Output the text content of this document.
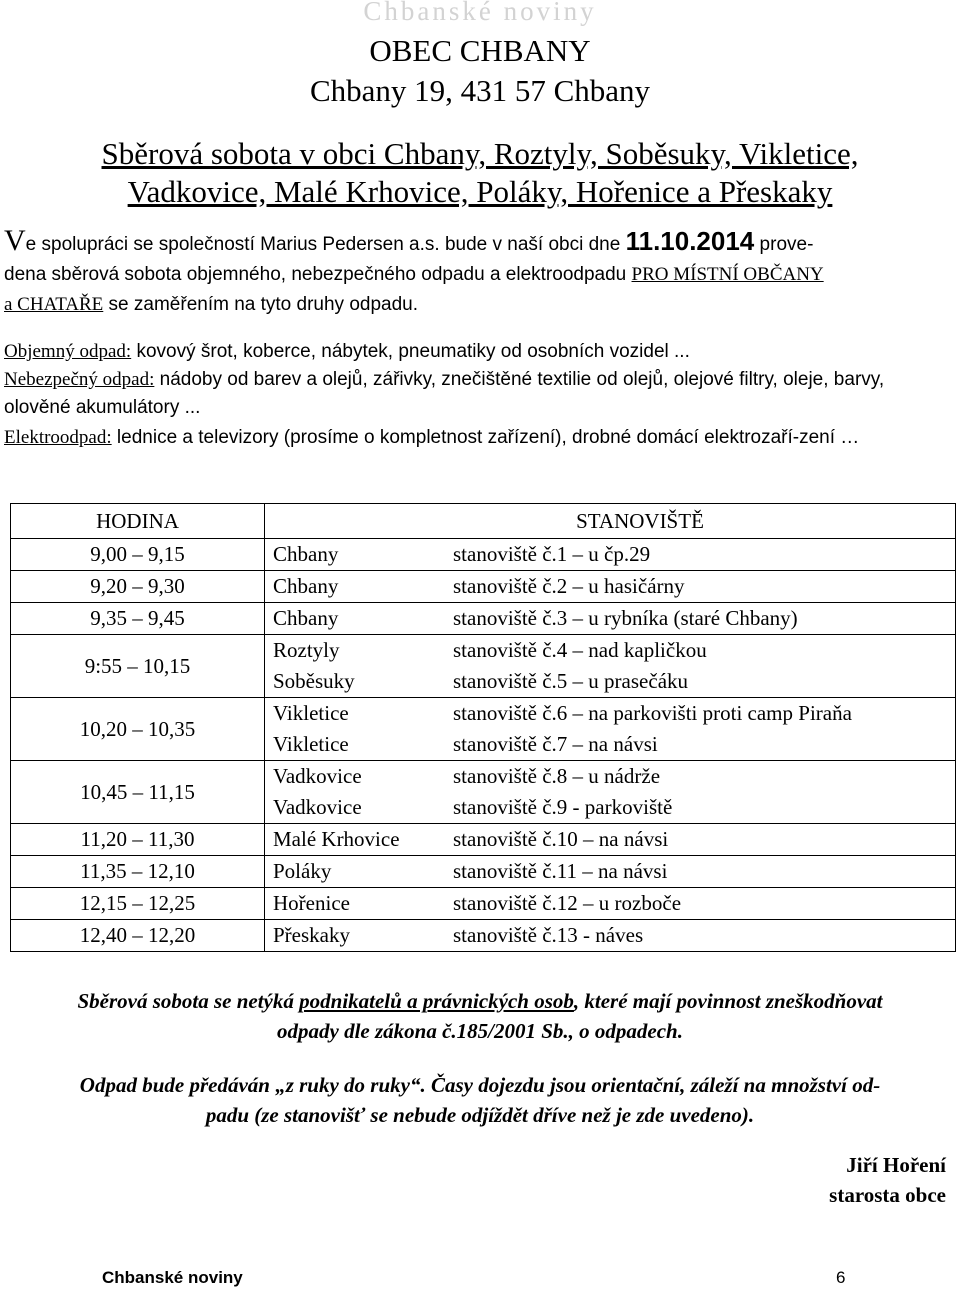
Chbanské noviny
OBEC CHBANY
Chbany 19, 431 57 Chbany
Sběrová sobota v obci Chbany, Roztyly, Soběsuky, Vikletice,
Vadkovice, Malé Krhovice, Poláky, Hořenice a Přeskaky
Ve spolupráci se společností Marius Pedersen a.s. bude v naší obci dne 11.10.2014 prove-
dena sběrová sobota objemného, nebezpečného odpadu a elektroodpadu PRO MÍSTNÍ OBČANY
a CHATAŘE se zaměřením na tyto druhy odpadu.
Objemný odpad: kovový šrot, koberce, nábytek, pneumatiky od osobních vozidel ...
Nebezpečný odpad: nádoby od barev a olejů, zářivky, znečištěné textilie od olejů, olejové filtry, oleje, barvy, olověné akumulátory ...
Elektroodpad: lednice a televizory (prosíme o kompletnost zařízení), drobné domácí elektrozaří-zení …
HODINA	STANOVIŠTĚ
9,00 – 9,15	Chbany stanoviště č.1 – u čp.29

9,20 – 9,30	Chbany stanoviště č.2 – u hasičárny

9,35 – 9,45	Chbany stanoviště č.3 – u rybníka (staré Chbany)

9:55 – 10,15	Roztyly stanoviště č.4 – nad kapličkou
Soběsuky stanoviště č.5 – u prasečáku

10,20 – 10,35	Vikletice stanoviště č.6 – na parkovišti proti camp Piraňa
Vikletice stanoviště č.7 – na návsi

10,45 – 11,15	Vadkovice stanoviště č.8 – u nádrže
Vadkovice stanoviště č.9 - parkoviště

11,20 – 11,30	Malé Krhovice stanoviště č.10 – na návsi

11,35 – 12,10	Poláky stanoviště č.11 – na návsi

12,15 – 12,25	Hořenice stanoviště č.12 – u rozboče

12,40 – 12,20	Přeskaky stanoviště č.13 - náves
Sběrová sobota se netýká podnikatelů a právnických osob, které mají povinnost zneškodňovat
odpady dle zákona č.185/2001 Sb., o odpadech.
Odpad bude předáván „z ruky do ruky“. Časy dojezdu jsou orientační, záleží na množství od-
padu (ze stanovišť se nebude odjíždět dříve než je zde uvedeno).
Jiří Hoření
starosta obce
Chbanské noviny	6
